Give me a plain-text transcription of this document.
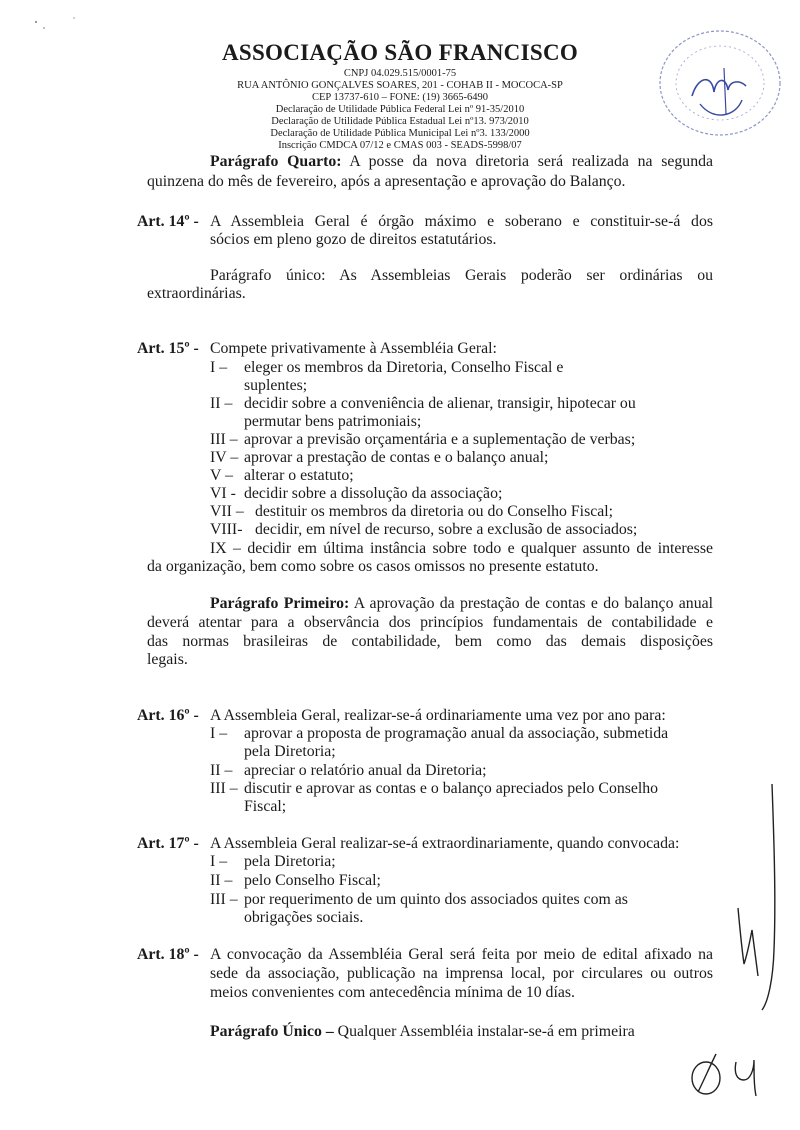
ASSOCIAÇÃO SÃO FRANCISCO
CNPJ 04.029.515/0001-75
RUA ANTÔNIO GONÇALVES SOARES, 201 - COHAB II - MOCOCA-SP
CEP 13737-610 – FONE: (19) 3665-6490
Declaração de Utilidade Pública Federal Lei nº 91-35/2010
Declaração de Utilidade Pública Estadual Lei nº13. 973/2010
Declaração de Utilidade Pública Municipal Lei nº3. 133/2000
Inscrição CMDCA 07/12 e CMAS 003 - SEADS-5998/07
Parágrafo Quarto: A posse da nova diretoria será realizada na segunda
quinzena do mês de fevereiro, após a apresentação e aprovação do Balanço.
Art. 14º - A Assembleia Geral é órgão máximo e soberano e constituir-se-á dos
sócios em pleno gozo de direitos estatutários.
Parágrafo único: As Assembleias Gerais poderão ser ordinárias ou
extraordinárias.
Art. 15º - Compete privativamente à Assembléia Geral:
I – eleger os membros da Diretoria, Conselho Fiscal e
suplentes;
II – decidir sobre a conveniência de alienar, transigir, hipotecar ou
permutar bens patrimoniais;
III – aprovar a previsão orçamentária e a suplementação de verbas;
IV – aprovar a prestação de contas e o balanço anual;
V – alterar o estatuto;
VI - decidir sobre a dissolução da associação;
VII – destituir os membros da diretoria ou do Conselho Fiscal;
VIII- decidir, em nível de recurso, sobre a exclusão de associados;
IX – decidir em última instância sobre todo e qualquer assunto de interesse
da organização, bem como sobre os casos omissos no presente estatuto.
Parágrafo Primeiro: A aprovação da prestação de contas e do balanço anual
deverá atentar para a observância dos princípios fundamentais de contabilidade e
das normas brasileiras de contabilidade, bem como das demais disposições
legais.
Art. 16º - A Assembleia Geral, realizar-se-á ordinariamente uma vez por ano para:
I – aprovar a proposta de programação anual da associação, submetida
pela Diretoria;
II – apreciar o relatório anual da Diretoria;
III – discutir e aprovar as contas e o balanço apreciados pelo Conselho
Fiscal;
Art. 17º - A Assembleia Geral realizar-se-á extraordinariamente, quando convocada:
I – pela Diretoria;
II – pelo Conselho Fiscal;
III – por requerimento de um quinto dos associados quites com as
obrigações sociais.
Art. 18º - A convocação da Assembléia Geral será feita por meio de edital afixado na
sede da associação, publicação na imprensa local, por circulares ou outros
meios convenientes com antecedência mínima de 10 días.
Parágrafo Único – Qualquer Assembléia instalar-se-á em primeira
